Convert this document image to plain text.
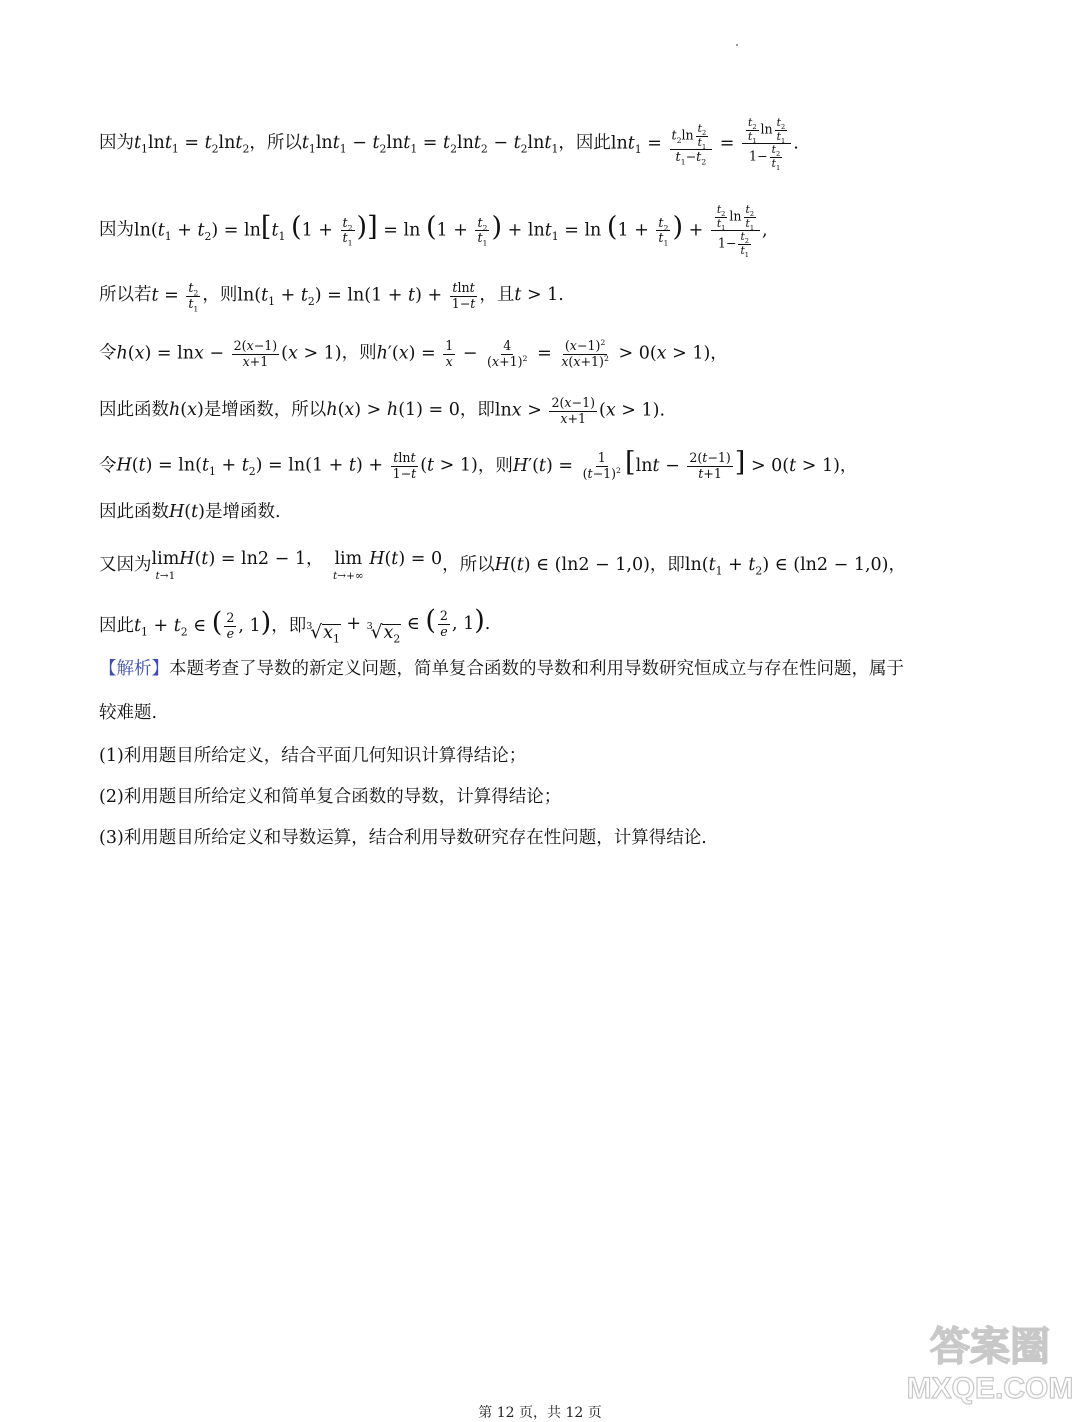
因为 $t_1\ln t_1 = t_2\ln t_2$ ，所以 $t_1\ln t_1 - t_2\ln t_1 = t_2\ln t_2 - t_2\ln t_1$ ，因此 $\ln t_1 = \frac{t_2\ln \frac{t_2}{t_1}}{t_1-t_2} = \frac{\frac{t_2}{t_1} \ln \frac{t_2}{t_1}}{1- \frac{t_2}{t_1}}$ .
因为 $\ln(t_1 + t_2) = \ln[t_1$ ($1 + \frac{t_2}{t_1}$ )] = $\ln (1 + \frac{t_2}{t_1}$ ) + $\ln t_1 = \ln (1 + \frac{t_2}{t_1}$ ) + $\frac{\frac{t_2}{t_1} \ln \frac{t_2}{t_1}}{1- \frac{t_2}{t_1}}$ ,
所以若 $t = \frac{t_2}{t_1}$ ，则 $\ln(t_1 + t_2) = \ln(1 + t) + \frac{tlnt}{1-t}$ ，且 t > 1.
令 $h(x) = \ln x - \frac{2(x-1)}{x+1} (x > 1)$ ，则 $h'(x) = \frac{1}{x} - \frac{4}{(x+1)^2} = \frac{(x-1)^2}{x(x+1)^2} > 0(x > 1)$，
因此函数 h(x) 是增函数，所以 h(x) > h(1) = 0 ，即 $\ln x > \frac{2(x-1)}{x+1} (x > 1)$.
令 $H(t) = \ln(t_1 + t_2) = \ln(1 + t) + \frac{tlnt}{1-t} (t > 1)$ ，则 $H'(t) = \frac{1}{(t-1)^2} [\ln t - \frac{2(t-1)}{t+1}$ ] > 0(t > 1)，
因此函数 H(t) 是增函数.
又因为 lim
t→1
H(t) = ln2 − 1， lim
t→+∞
H(t) = 0 ，所以 H(t) ∈ (ln2 − 1,0) ，即 $\ln(t_1 + t_2)$ ∈ (ln2 − 1,0)，
因此 $t_1 + t_2$ ∈ ( $\frac{2}{e}$ , 1) ，即 3
√ $x_1$
+ 3
√ $x_2$
∈ ( $\frac{2}{e}$ , 1).
【解析】 本题考查了导数的新定义问题，简单复合函数的导数和利用导数研究恒成立与存在性问题，属于
较难题.
(1)利用题目所给定义，结合平面几何知识计算得结论；
(2)利用题目所给定义和简单复合函数的导数，计算得结论；
(3)利用题目所给定义和导数运算，结合利用导数研究存在性问题，计算得结论.
答案圈
MXQE.COM
第 12 页，共 12 页
